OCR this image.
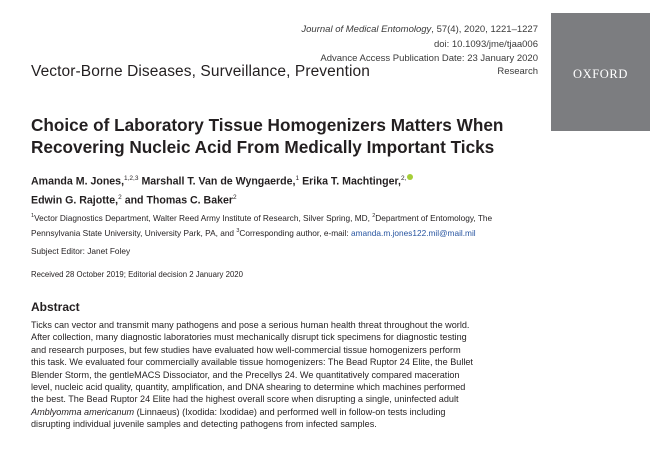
Journal of Medical Entomology, 57(4), 2020, 1221–1227
doi: 10.1093/jme/tjaa006
Advance Access Publication Date: 23 January 2020
OXFORD
Vector-Borne Diseases, Surveillance, Prevention	Research
Choice of Laboratory Tissue Homogenizers Matters When
Recovering Nucleic Acid From Medically Important Ticks
Amanda M. Jones,$^{1,2,3}$ Marshall T. Van de Wyngaerde,$^1$ Erika T. Machtinger,$^{2,}$
Edwin G. Rajotte,$^2$ and Thomas C. Baker$^2$
$^1$Vector Diagnostics Department, Walter Reed Army Institute of Research, Silver Spring, MD, $^2$Department of Entomology, The
Pennsylvania State University, University Park, PA, and $^3$Corresponding author, e-mail: amanda.m.jones122.mil@mail.mil
Subject Editor: Janet Foley
Received 28 October 2019; Editorial decision 2 January 2020
Abstract
Ticks can vector and transmit many pathogens and pose a serious human health threat throughout the world.
After collection, many diagnostic laboratories must mechanically disrupt tick specimens for diagnostic testing
and research purposes, but few studies have evaluated how well-commercial tissue homogenizers perform
this task. We evaluated four commercially available tissue homogenizers: The Bead Ruptor 24 Elite, the Bullet
Blender Storm, the gentleMACS Dissociator, and the Precellys 24. We quantitatively compared maceration
level, nucleic acid quality, quantity, amplification, and DNA shearing to determine which machines performed
the best. The Bead Ruptor 24 Elite had the highest overall score when disrupting a single, uninfected adult
Amblyomma americanum (Linnaeus) (Ixodida: Ixodidae) and performed well in follow-on tests including
disrupting individual juvenile samples and detecting pathogens from infected samples.
